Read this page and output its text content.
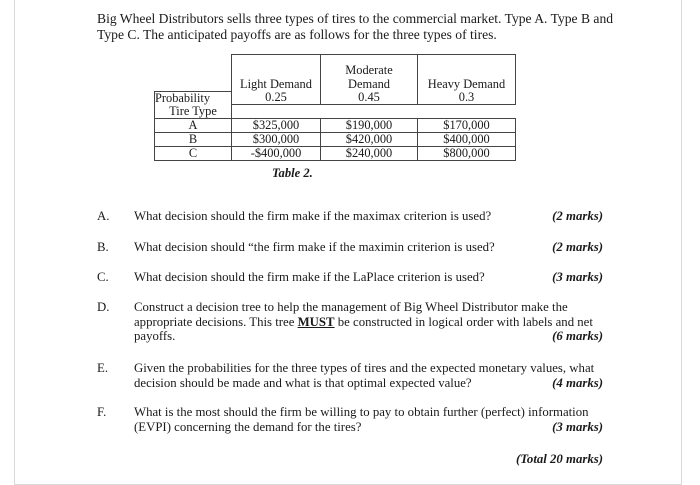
Big Wheel Distributors sells three types of tires to the commercial market. Type A. Type B and Type C. The anticipated payoffs are as follows for the three types of tires.
	Light Demand	Moderate Demand	Heavy Demand

Probability	0.25	0.45	0.3
Tire Type			
A	$325,000	$190,000	$170,000
B	$300,000	$420,000	$400,000
C	-$400,000	$240,000	$800,000
Table 2.
A. What decision should the firm make if the maximax criterion is used?	(2 marks)
B. What decision should “the firm make if the maximin criterion is used?	(2 marks)
C. What decision should the firm make if the LaPlace criterion is used?	(3 marks)
D. Construct a decision tree to help the management of Big Wheel Distributor make the appropriate decisions. This tree MUST be constructed in logical order with labels and net payoffs.	(6 marks)
E. Given the probabilities for the three types of tires and the expected monetary values, what decision should be made and what is that optimal expected value?	(4 marks)
F. What is the most should the firm be willing to pay to obtain further (perfect) information (EVPI) concerning the demand for the tires?	(3 marks)
(Total 20 marks)
